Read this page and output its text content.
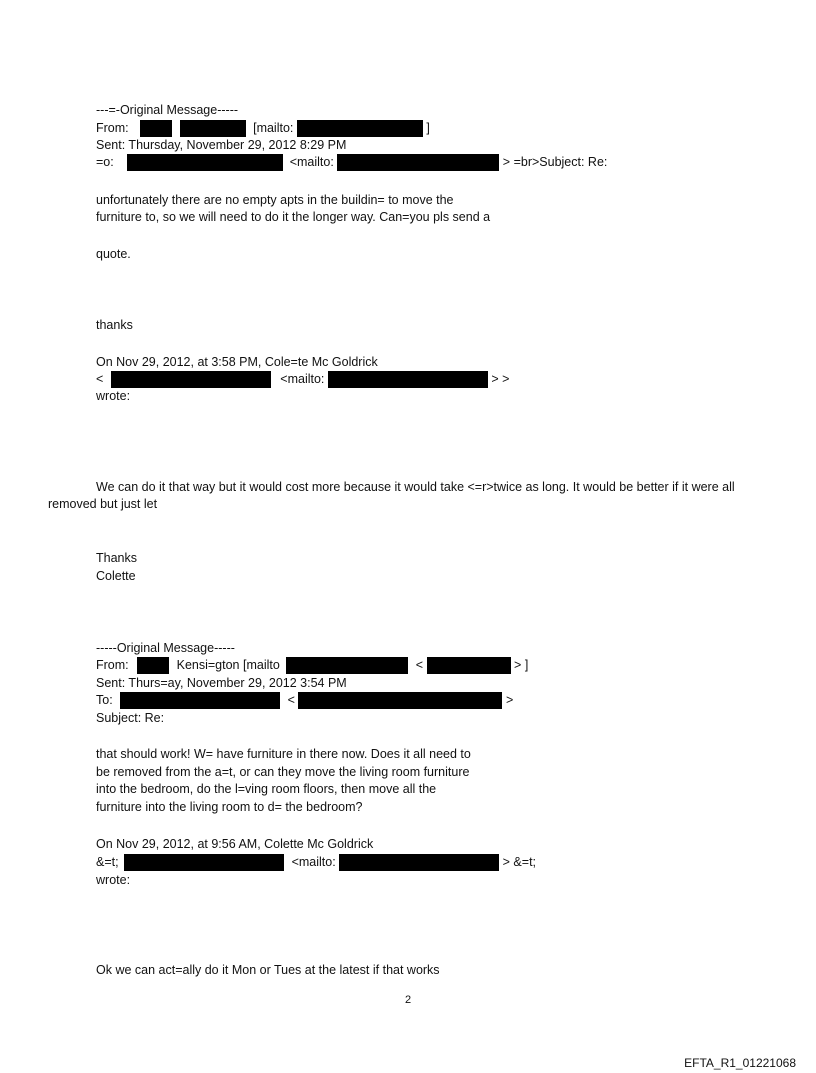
---=-Original Message-----
From:	[mailto:	]
Sent: Thursday, November 29, 2012 8:29 PM
=o:	<mailto:	> =br>Subject: Re:
unfortunately there are no empty apts in the buildin= to move the
furniture to, so we will need to do it the longer way. Can=you pls send a
quote.
thanks
On Nov 29, 2012, at 3:58 PM, Cole=te Mc Goldrick
<	<mailto:	> >
wrote:
We can do it that way but it would cost more because it would take <=r>twice as long. It would be better if it were all removed but just let
Thanks
Colette
-----Original Message-----
From:	Kensi=gton [mailto	<	> ]
Sent: Thurs=ay, November 29, 2012 3:54 PM
To:	<	>
Subject: Re:
that should work! W= have furniture in there now. Does it all need to
be removed from the a=t, or can they move the living room furniture
into the bedroom, do the l=ving room floors, then move all the
furniture into the living room to d= the bedroom?
On Nov 29, 2012, at 9:56 AM, Colette Mc Goldrick
&=t;	<mailto:	> &=t;
wrote:
Ok we can act=ally do it Mon or Tues at the latest if that works
2
EFTA_R1_01221068
